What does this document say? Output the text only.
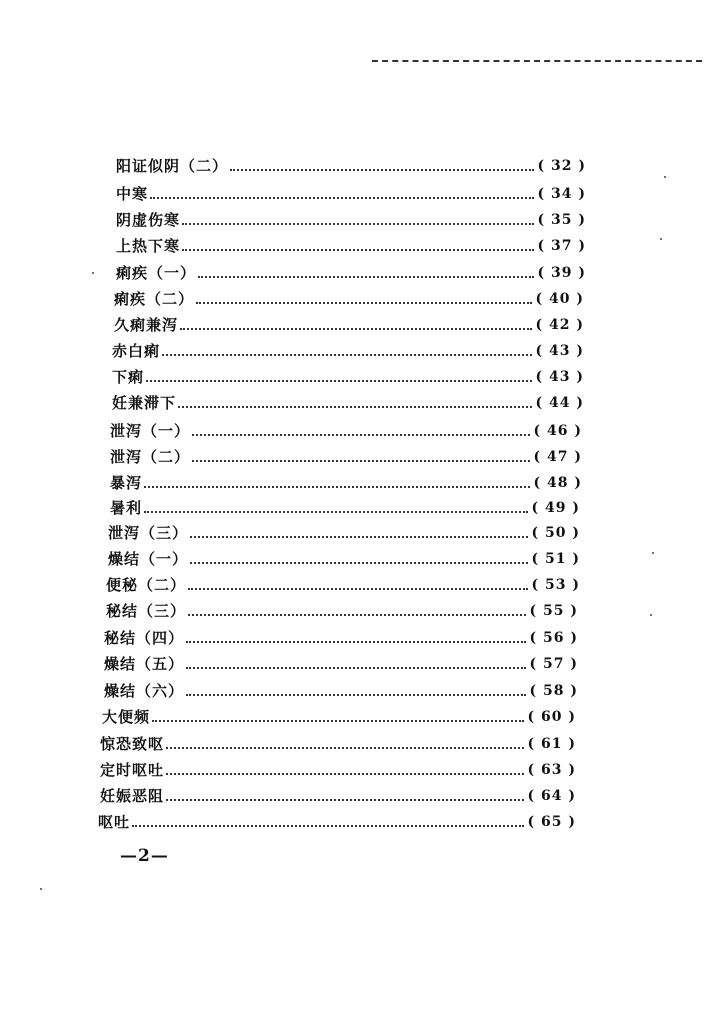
阳证似阴（二）	( 32 )
中寒	( 34 )
阴虚伤寒	( 35 )
上热下寒	( 37 )
痢疾（一）	( 39 )
痢疾（二）	( 40 )
久痢兼泻	( 42 )
赤白痢	( 43 )
下痢	( 43 )
妊兼滞下	( 44 )
泄泻（一）	( 46 )
泄泻（二）	( 47 )
暴泻	( 48 )
暑利	( 49 )
泄泻（三）	( 50 )
燥结（一）	( 51 )
便秘（二）	( 53 )
秘结（三）	( 55 )
秘结（四）	( 56 )
燥结（五）	( 57 )
燥结（六）	( 58 )
大便频	( 60 )
惊恐致呕	( 61 )
定时呕吐	( 63 )
妊娠恶阻	( 64 )
呕吐	( 65 )
—2—
